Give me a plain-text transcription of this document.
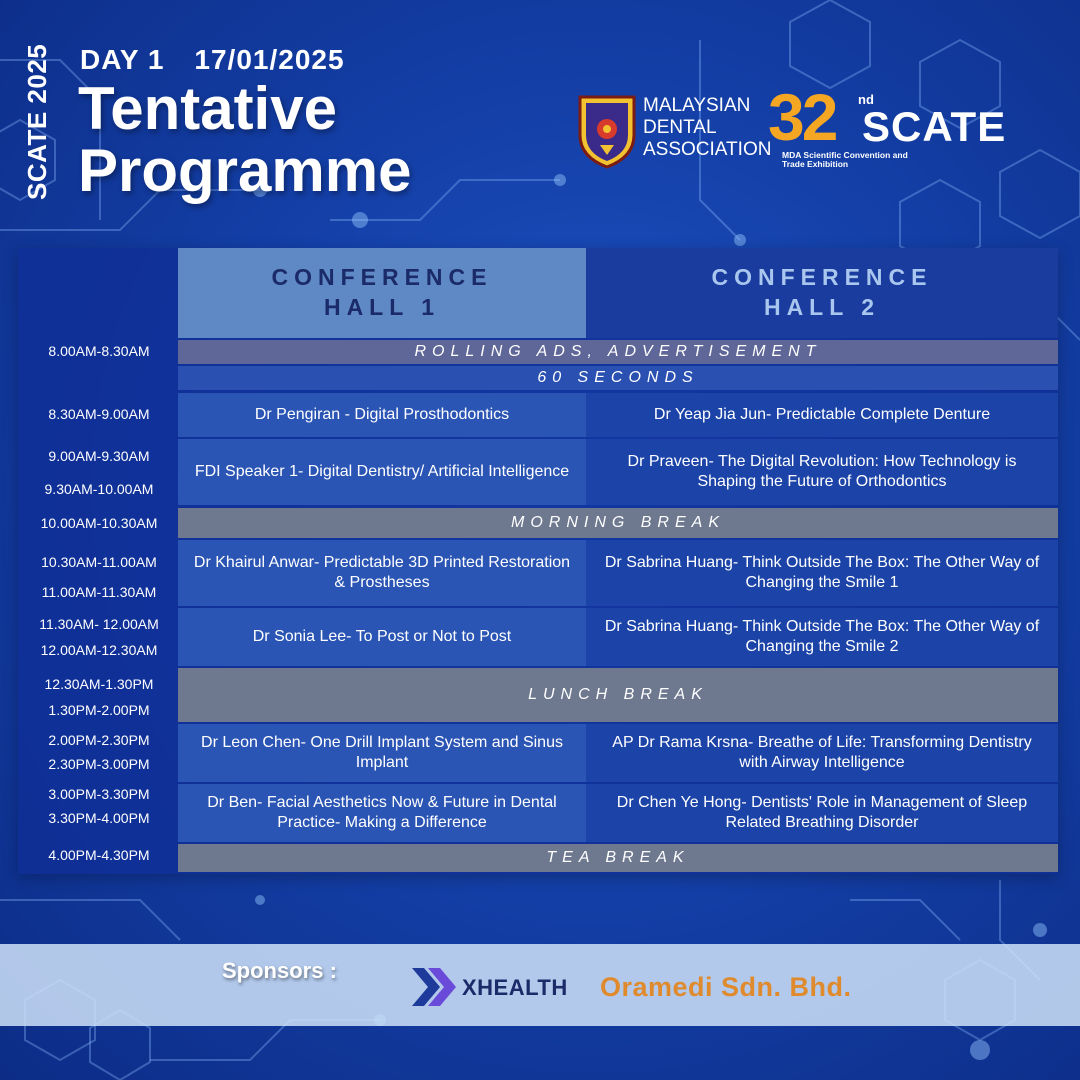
SCATE 2025	DAY 1 17/01/2025
Tentative
Programme
MALAYSIAN
DENTAL
ASSOCIATION
32 nd
SCATE
MDA Scientific Convention and
Trade Exhibition
CONFERENCE
HALL 1
CONFERENCE
HALL 2
8.00AM-8.30AM
8.30AM-9.00AM
9.00AM-9.30AM
9.30AM-10.00AM
10.00AM-10.30AM
10.30AM-11.00AM
11.00AM-11.30AM
11.30AM- 12.00AM
12.00AM-12.30AM
12.30AM-1.30PM
1.30PM-2.00PM
2.00PM-2.30PM
2.30PM-3.00PM
3.00PM-3.30PM
3.30PM-4.00PM
4.00PM-4.30PM
ROLLING ADS, ADVERTISEMENT
60 SECONDS
MORNING BREAK
LUNCH BREAK
TEA BREAK
Dr Pengiran - Digital Prosthodontics	Dr Yeap Jia Jun- Predictable Complete Denture
FDI Speaker 1- Digital Dentistry/ Artificial Intelligence
Dr Praveen- The Digital Revolution: How Technology is Shaping the Future of Orthodontics
Dr Khairul Anwar- Predictable 3D Printed Restoration & Prostheses
Dr Sabrina Huang- Think Outside The Box: The Other Way of Changing the Smile 1
Dr Sonia Lee- To Post or Not to Post
Dr Sabrina Huang- Think Outside The Box: The Other Way of Changing the Smile 2
Dr Leon Chen- One Drill Implant System and Sinus Implant
AP Dr Rama Krsna- Breathe of Life: Transforming Dentistry with Airway Intelligence
Dr Ben- Facial Aesthetics Now & Future in Dental Practice- Making a Difference
Dr Chen Ye Hong- Dentists' Role in Management of Sleep Related Breathing Disorder
Sponsors :
XHEALTH Oramedi Sdn. Bhd.
